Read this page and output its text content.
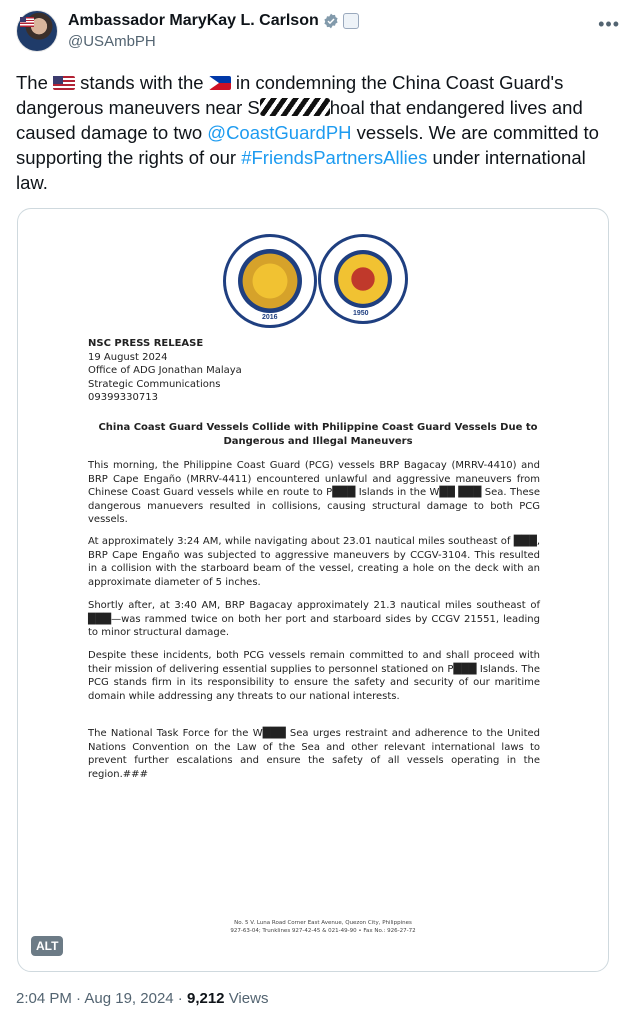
Ambassador MaryKay L. Carlson
@USAmbPH
•••
The  stands with the  in condemning the China Coast Guard's dangerous maneuvers near S	hoal that endangered lives and caused damage to two @CoastGuardPH vessels. We are committed to supporting the rights of our #FriendsPartnersAllies under international law.
2016
1950
NSC PRESS RELEASE
19 August 2024
Office of ADG Jonathan Malaya
Strategic Communications
09399330713
China Coast Guard Vessels Collide with Philippine Coast Guard Vessels Due to Dangerous and Illegal Maneuvers
This morning, the Philippine Coast Guard (PCG) vessels BRP Bagacay (MRRV-4410) and BRP Cape Engaño (MRRV-4411) encountered unlawful and aggressive maneuvers from Chinese Coast Guard vessels while en route to P███ Islands in the W██ ███ Sea. These dangerous manuevers resulted in collisions, causing structural damage to both PCG vessels.
At approximately 3:24 AM, while navigating about 23.01 nautical miles southeast of ███, BRP Cape Engaño was subjected to aggressive maneuvers by CCGV-3104. This resulted in a collision with the starboard beam of the vessel, creating a hole on the deck with an approximate diameter of 5 inches.
Shortly after, at 3:40 AM, BRP Bagacay approximately 21.3 nautical miles southeast of ███—was rammed twice on both her port and starboard sides by CCGV 21551, leading to minor structural damage.
Despite these incidents, both PCG vessels remain committed to and shall proceed with their mission of delivering essential supplies to personnel stationed on P███ Islands. The PCG stands firm in its responsibility to ensure the safety and security of our maritime domain while addressing any threats to our national interests.
The National Task Force for the W███ Sea urges restraint and adherence to the United Nations Convention on the Law of the Sea and other relevant international laws to prevent further escalations and ensure the safety of all vessels operating in the region.###
No. 5 V. Luna Road Corner East Avenue, Quezon City, Philippines
927-63-04; Trunklines 927-42-45 & 021-49-90 • Fax No.: 926-27-72
ALT
2:04 PM · Aug 19, 2024 · 9,212 Views
